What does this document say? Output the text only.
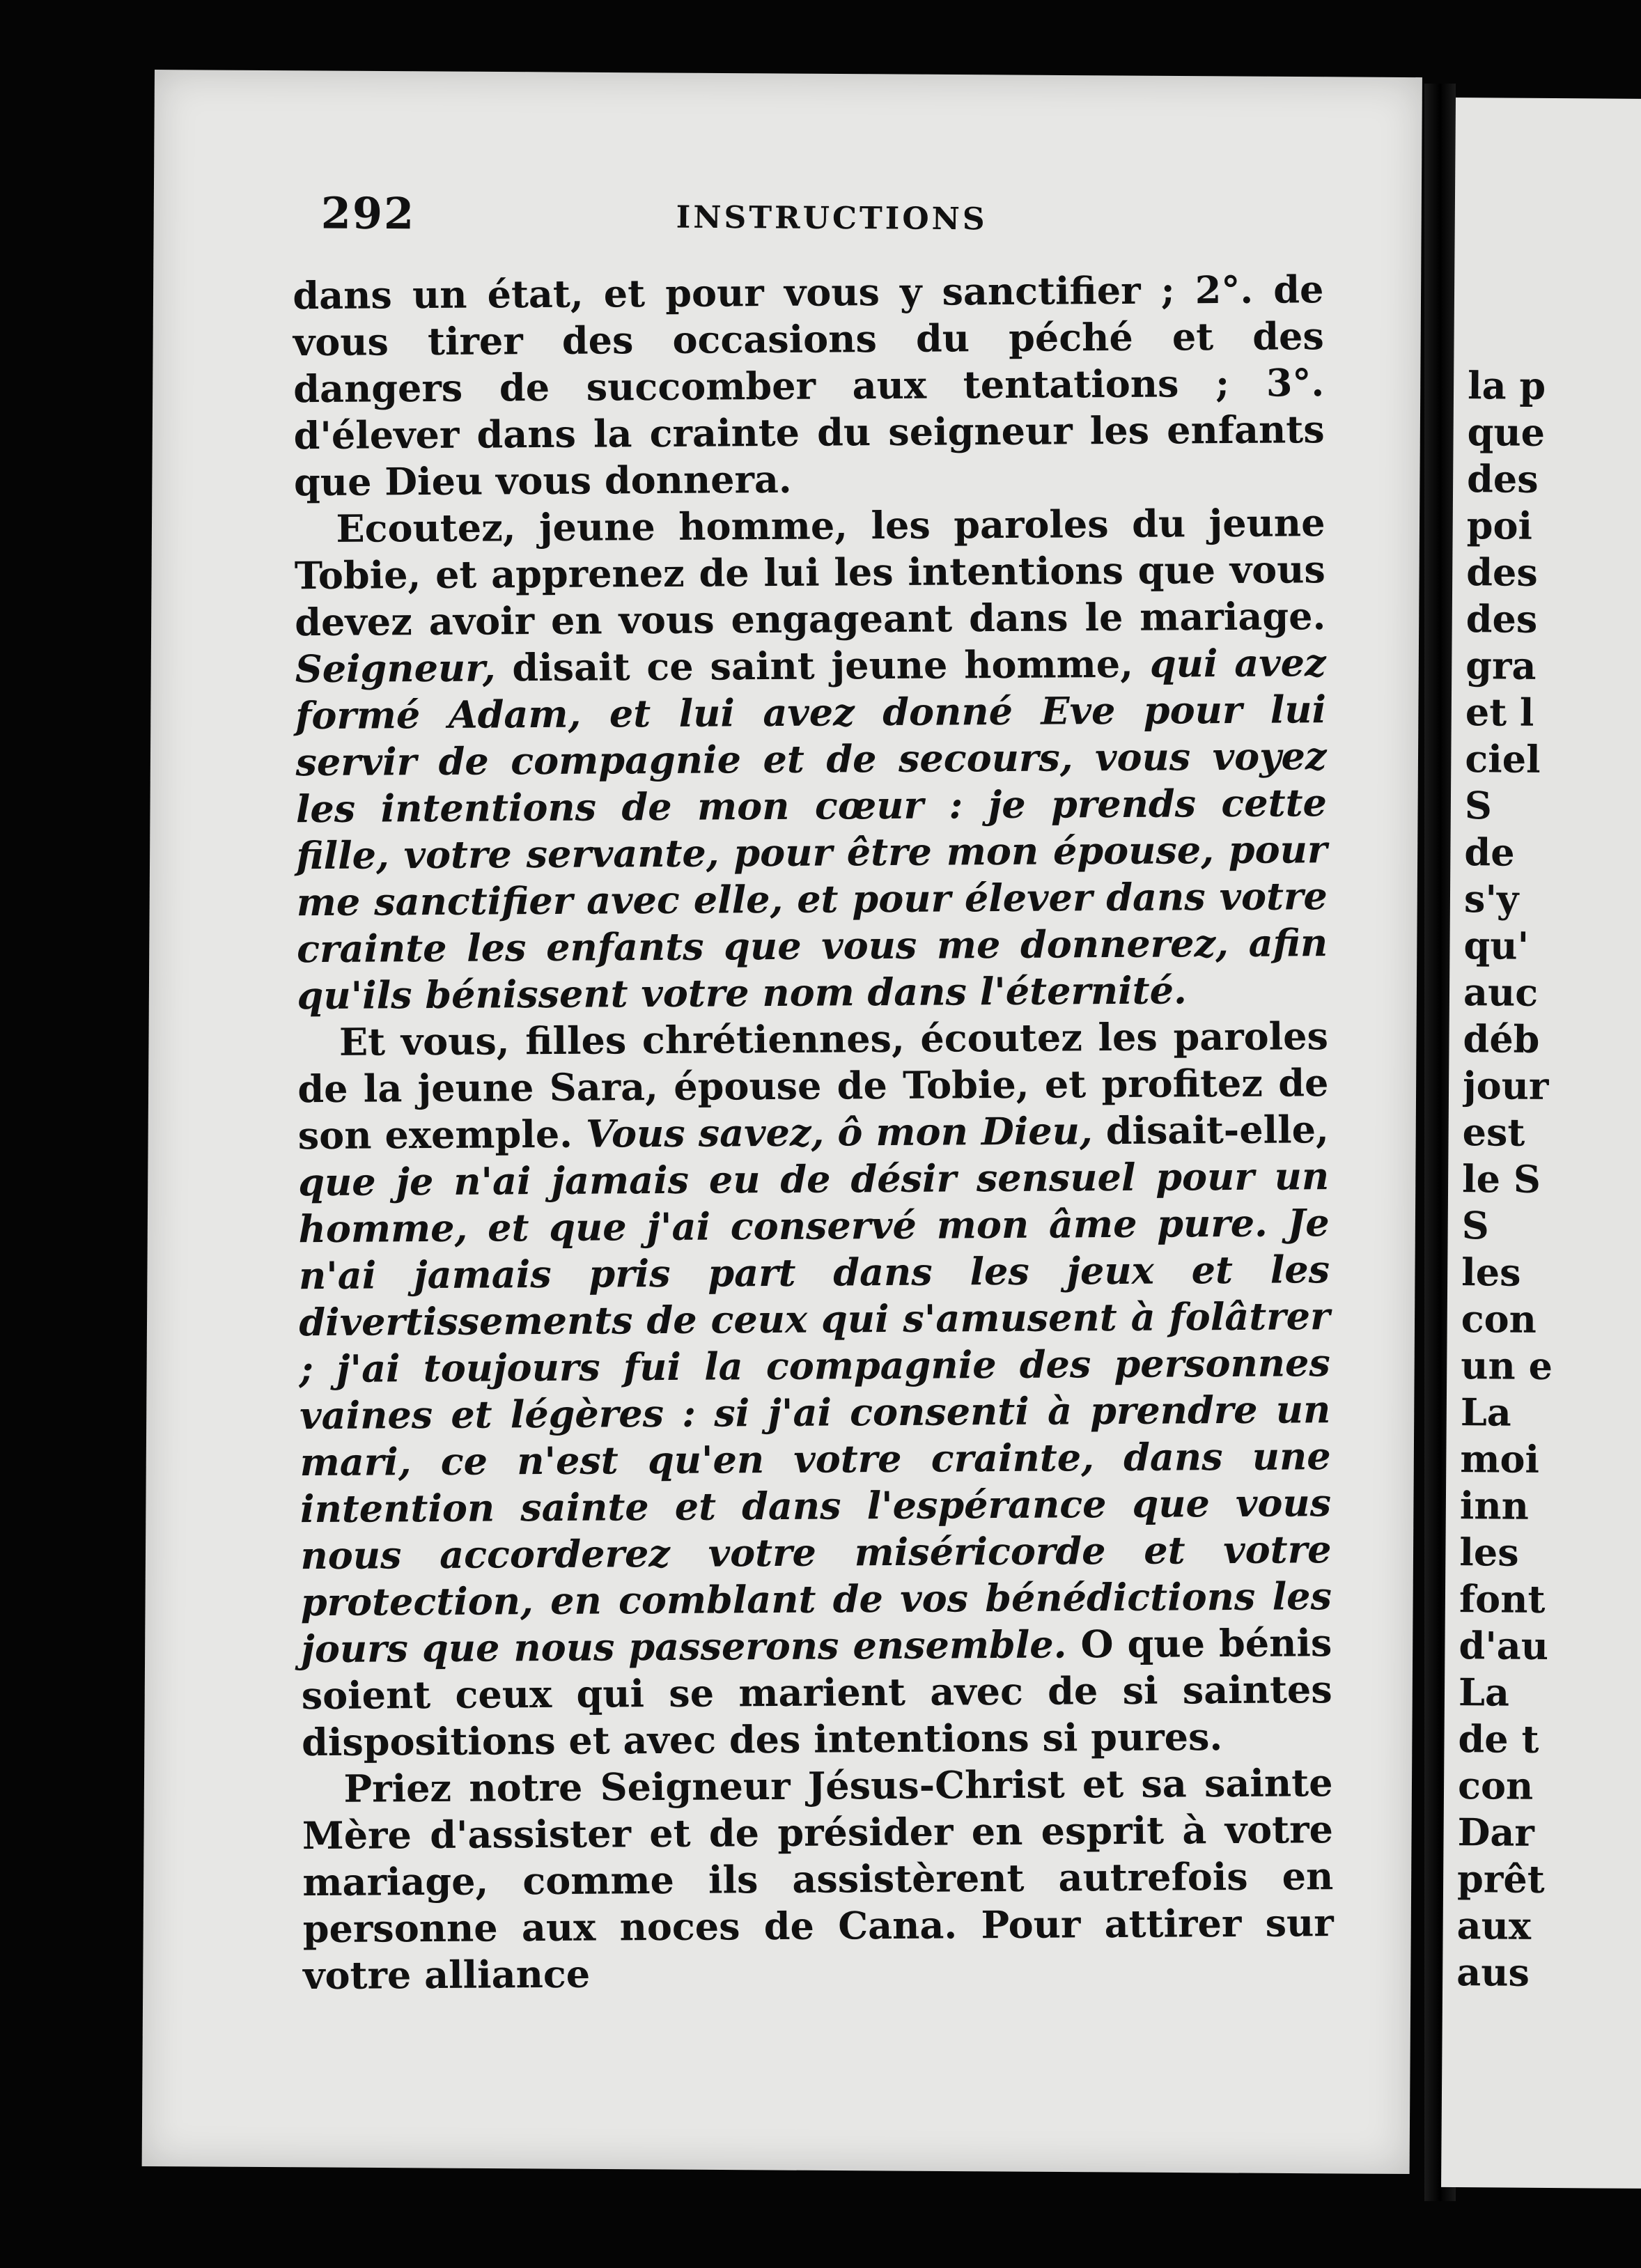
292	INSTRUCTIONS

dans un état, et pour vous y sanctifier ; 2°. de vous tirer des occasions du péché et des dangers de succomber aux tentations ; 3°. d'élever dans la crainte du seigneur les enfants que Dieu vous donnera.

Ecoutez, jeune homme, les paroles du jeune Tobie, et apprenez de lui les intentions que vous devez avoir en vous engageant dans le mariage. Seigneur, disait ce saint jeune homme, qui avez formé Adam, et lui avez donné Eve pour lui servir de compagnie et de secours, vous voyez les intentions de mon cœur : je prends cette fille, votre servante, pour être mon épouse, pour me sanctifier avec elle, et pour élever dans votre crainte les enfants que vous me donnerez, afin qu'ils bénissent votre nom dans l'éternité.

Et vous, filles chrétiennes, écoutez les paroles de la jeune Sara, épouse de Tobie, et profitez de son exemple. Vous savez, ô mon Dieu, disait-elle, que je n'ai jamais eu de désir sensuel pour un homme, et que j'ai conservé mon âme pure. Je n'ai jamais pris part dans les jeux et les divertissements de ceux qui s'amusent à folâtrer ; j'ai toujours fui la compagnie des personnes vaines et légères : si j'ai consenti à prendre un mari, ce n'est qu'en votre crainte, dans une intention sainte et dans l'espérance que vous nous accorderez votre miséricorde et votre protection, en comblant de vos bénédictions les jours que nous passerons ensemble. O que bénis soient ceux qui se marient avec de si saintes dispositions et avec des intentions si pures.

Priez notre Seigneur Jésus-Christ et sa sainte Mère d'assister et de présider en esprit à votre mariage, comme ils assistèrent autrefois en personne aux noces de Cana. Pour attirer sur votre alliance

la p
que
des
poi
des
des
gra
et l
ciel
S
de
s'y
qu'
auc
déb
jour
est
le S
S
les
con
un e
La
moi
inn
les
font
d'au
La
de t
con
Dar
prêt
aux
aus
